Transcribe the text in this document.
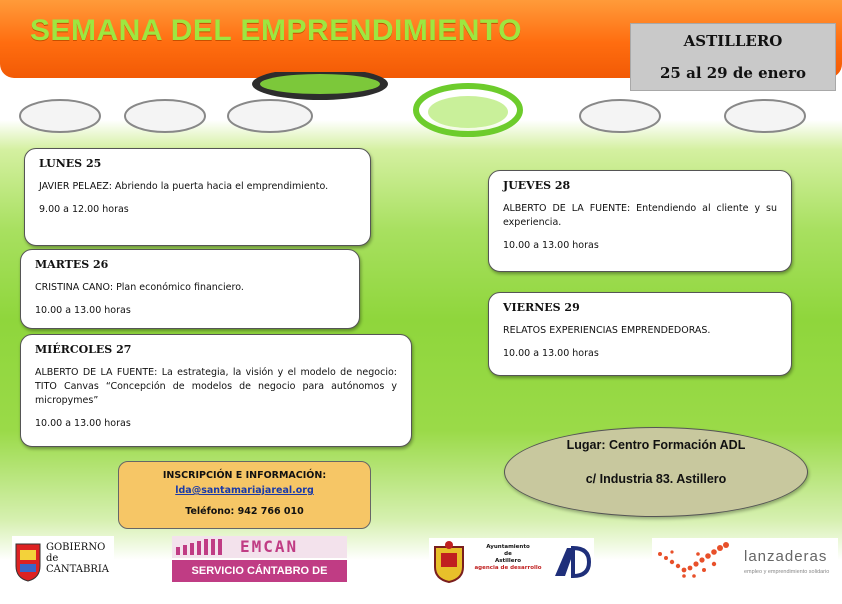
SEMANA DEL EMPRENDIMIENTO	ASTILLERO
25 al 29 de enero
LUNES 25
JAVIER PELAEZ: Abriendo la puerta hacia el emprendimiento.
9.00 a 12.00 horas
MARTES 26
CRISTINA CANO: Plan económico financiero.
10.00 a 13.00 horas
MIÉRCOLES 27
ALBERTO DE LA FUENTE: La estrategia, la visión y el modelo de negocio: TITO Canvas “Concepción de modelos de negocio para autónomos y micropymes”
10.00 a 13.00 horas
JUEVES 28
ALBERTO DE LA FUENTE: Entendiendo al cliente y su experiencia.
10.00 a 13.00 horas
VIERNES 29
RELATOS EXPERIENCIAS EMPRENDEDORAS.
10.00 a 13.00 horas
INSCRIPCIÓN E INFORMACIÓN:
lda@santamariajareal.org
Teléfono: 942 766 010
Lugar: Centro Formación ADL
c/ Industria 83. Astillero
GOBIERNO
de
CANTABRIA
EMCAN
SERVICIO CÁNTABRO DE EMPLEO
Ayuntamiento
de
Astillero
agencia de desarrollo
lanzaderas
empleo y emprendimiento solidario
